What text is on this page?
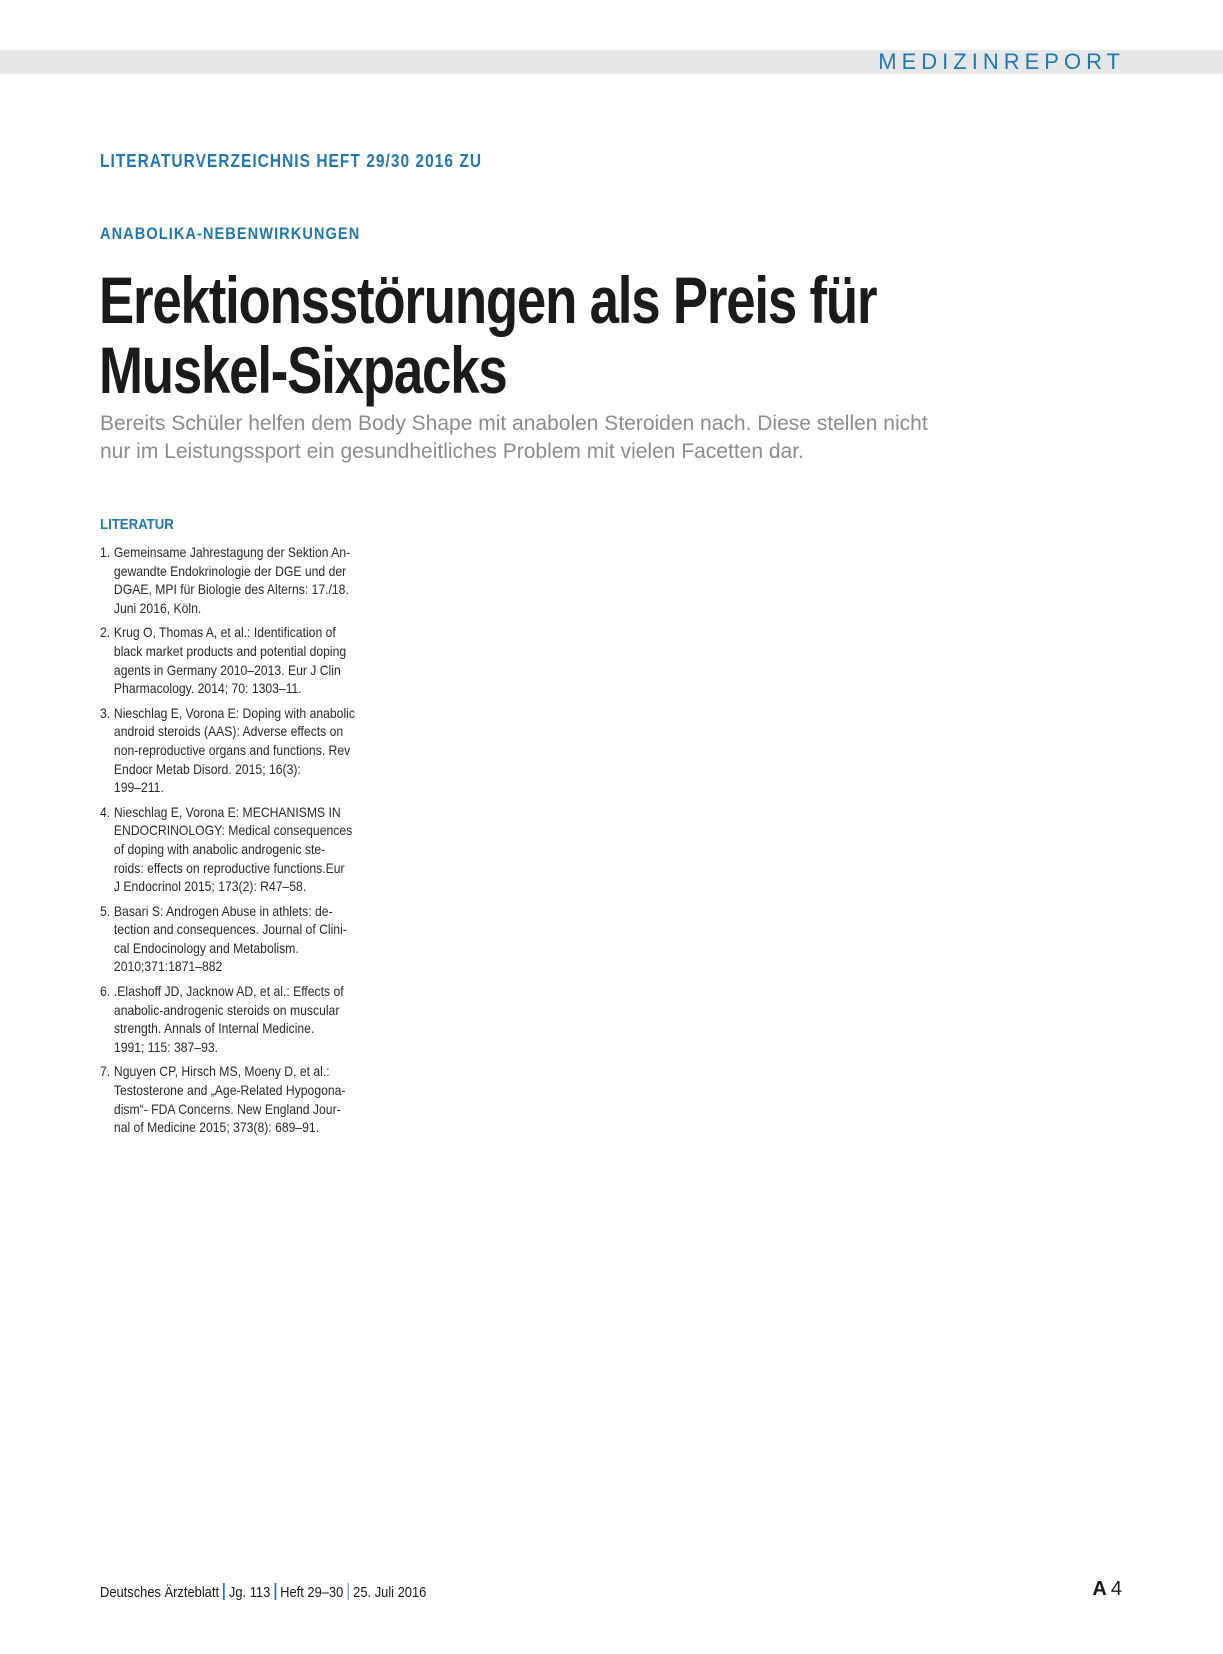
MEDIZINREPORT
LITERATURVERZEICHNIS HEFT 29/30 2016 ZU
ANABOLIKA-NEBENWIRKUNGEN
Erektionsstörungen als Preis für
Muskel-Sixpacks
Bereits Schüler helfen dem Body Shape mit anabolen Steroiden nach. Diese stellen nicht
nur im Leistungssport ein gesundheitliches Problem mit vielen Facetten dar.
LITERATUR
1. Gemeinsame Jahrestagung der Sektion An-
gewandte Endokrinologie der DGE und der
DGAE, MPI für Biologie des Alterns: 17./18.
Juni 2016, Köln.
2. Krug O, Thomas A, et al.: Identification of
black market products and potential doping
agents in Germany 2010–2013. Eur J Clin
Pharmacology. 2014; 70: 1303–11.
3. Nieschlag E, Vorona E: Doping with anabolic
android steroids (AAS): Adverse effects on
non-reproductive organs and functions. Rev
Endocr Metab Disord. 2015; 16(3):
199–211.
4. Nieschlag E, Vorona E: MECHANISMS IN
ENDOCRINOLOGY: Medical consequences
of doping with anabolic androgenic ste-
roids: effects on reproductive functions.Eur
J Endocrinol 2015; 173(2): R47–58.
5. Basari S: Androgen Abuse in athlets: de-
tection and consequences. Journal of Clini-
cal Endocinology and Metabolism.
2010;371:1871–882
6. .Elashoff JD, Jacknow AD, et al.: Effects of
anabolic-androgenic steroids on muscular
strength. Annals of Internal Medicine.
1991; 115: 387–93.
7. Nguyen CP, Hirsch MS, Moeny D, et al.:
Testosterone and „Age-Related Hypogona-
dism“- FDA Concerns. New England Jour-
nal of Medicine 2015; 373(8): 689–91.
Deutsches Ärzteblatt Jg. 113 Heft 29–30 25. Juli 2016	A 4
